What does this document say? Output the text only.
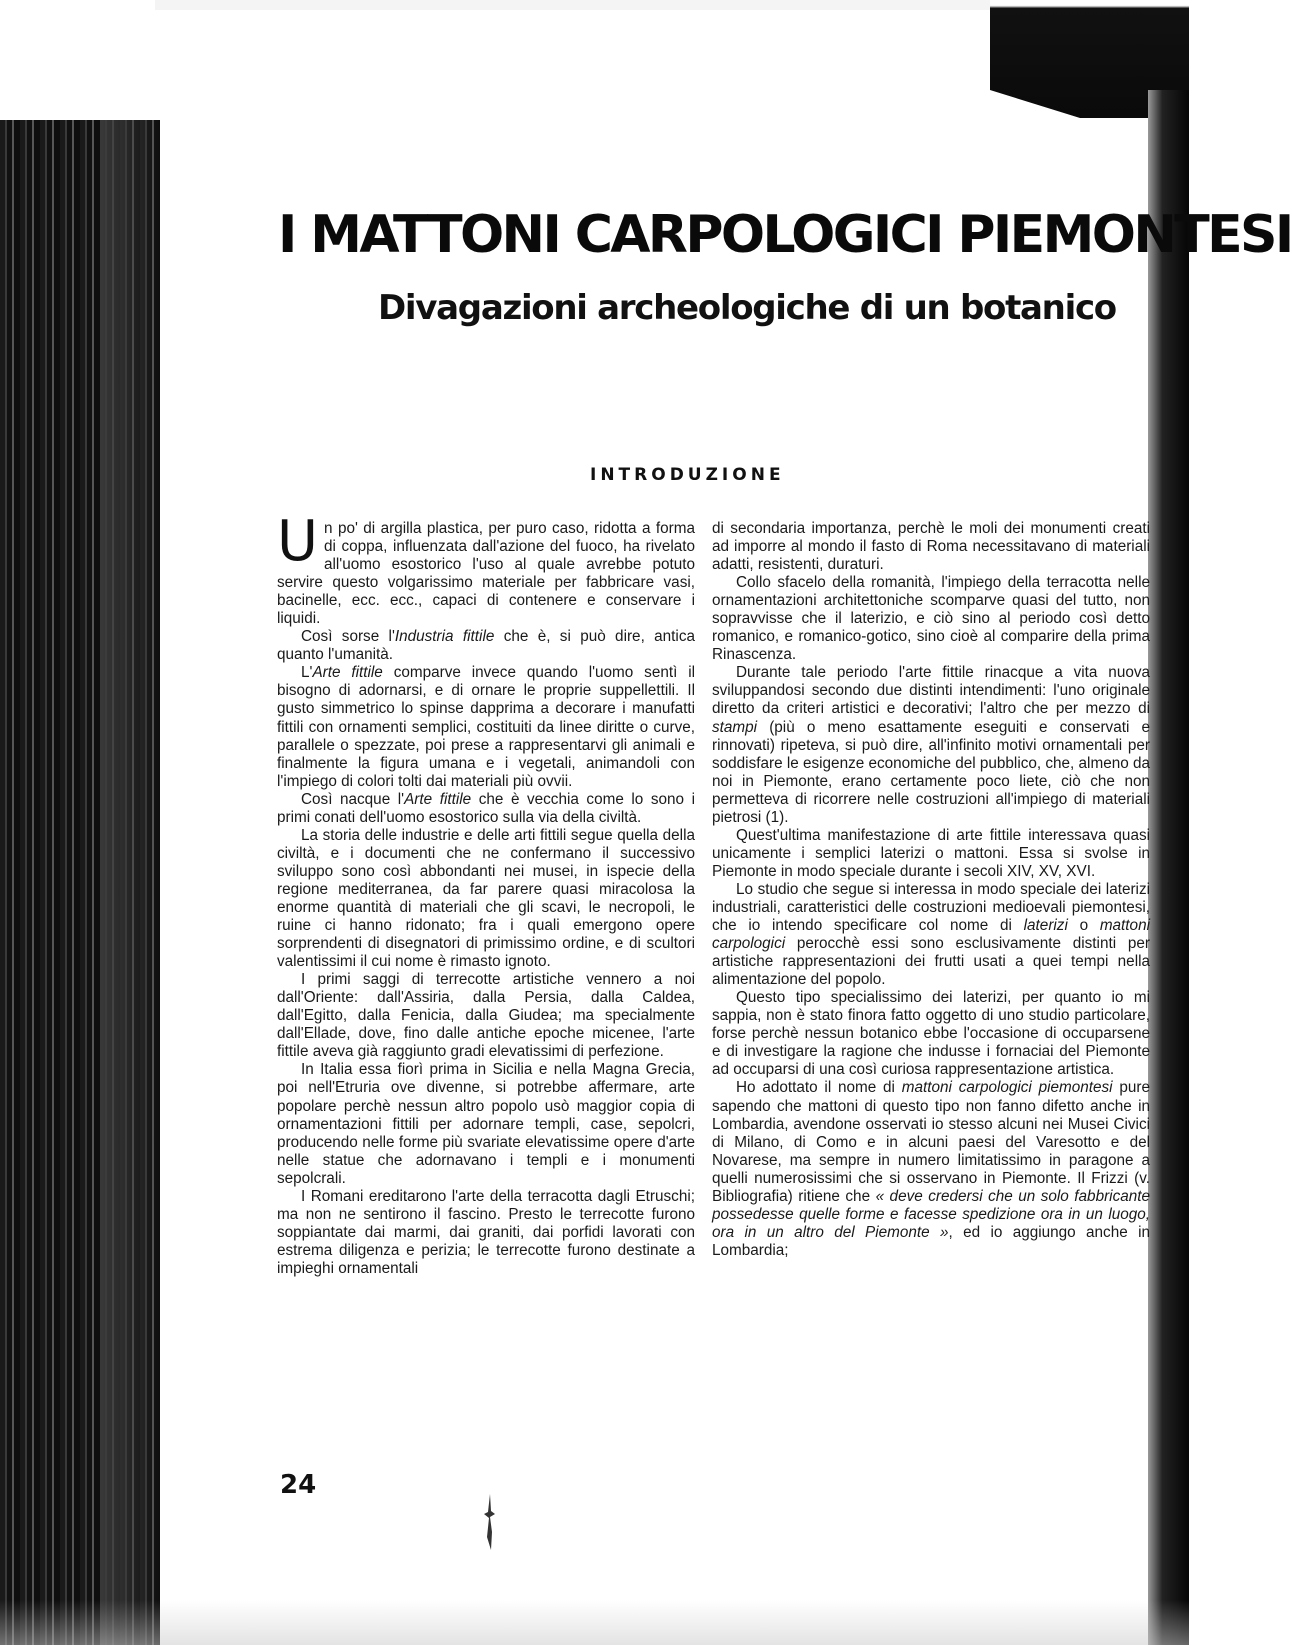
I MATTONI CARPOLOGICI PIEMONTESI
Divagazioni archeologiche di un botanico
INTRODUZIONE

Un po' di argilla plastica, per puro caso, ridotta a forma di coppa, influenzata dall'azione del fuoco, ha rivelato all'uomo esostorico l'uso al quale avrebbe potuto servire questo volgarissimo materiale per fabbricare vasi, bacinelle, ecc. ecc., capaci di contenere e conservare i liquidi.

Così sorse l'Industria fittile che è, si può dire, antica quanto l'umanità.

L'Arte fittile comparve invece quando l'uomo sentì il bisogno di adornarsi, e di ornare le proprie suppellettili. Il gusto simmetrico lo spinse dapprima a decorare i manufatti fittili con ornamenti semplici, costituiti da linee diritte o curve, parallele o spezzate, poi prese a rappresentarvi gli animali e finalmente la figura umana e i vegetali, animandoli con l'impiego di colori tolti dai materiali più ovvii.

Così nacque l'Arte fittile che è vecchia come lo sono i primi conati dell'uomo esostorico sulla via della civiltà.

La storia delle industrie e delle arti fittili segue quella della civiltà, e i documenti che ne confermano il successivo sviluppo sono così abbondanti nei musei, in ispecie della regione mediterranea, da far parere quasi miracolosa la enorme quantità di materiali che gli scavi, le necropoli, le ruine ci hanno ridonato; fra i quali emergono opere sorprendenti di disegnatori di primissimo ordine, e di scultori valentissimi il cui nome è rimasto ignoto.

I primi saggi di terrecotte artistiche vennero a noi dall'Oriente: dall'Assiria, dalla Persia, dalla Caldea, dall'Egitto, dalla Fenicia, dalla Giudea; ma specialmente dall'Ellade, dove, fino dalle antiche epoche micenee, l'arte fittile aveva già raggiunto gradi elevatissimi di perfezione.

In Italia essa fiorì prima in Sicilia e nella Magna Grecia, poi nell'Etruria ove divenne, si potrebbe affermare, arte popolare perchè nessun altro popolo usò maggior copia di ornamentazioni fittili per adornare templi, case, sepolcri, producendo nelle forme più svariate elevatissime opere d'arte nelle statue che adornavano i templi e i monumenti sepolcrali.

I Romani ereditarono l'arte della terracotta dagli Etruschi; ma non ne sentirono il fascino. Presto le terrecotte furono soppiantate dai marmi, dai graniti, dai porfidi lavorati con estrema diligenza e perizia; le terrecotte furono destinate a impieghi ornamentali

di secondaria importanza, perchè le moli dei monumenti creati ad imporre al mondo il fasto di Roma necessitavano di materiali adatti, resistenti, duraturi.

Collo sfacelo della romanità, l'impiego della terracotta nelle ornamentazioni architettoniche scomparve quasi del tutto, non sopravvisse che il laterizio, e ciò sino al periodo così detto romanico, e romanico-gotico, sino cioè al comparire della prima Rinascenza.

Durante tale periodo l'arte fittile rinacque a vita nuova sviluppandosi secondo due distinti intendimenti: l'uno originale diretto da criteri artistici e decorativi; l'altro che per mezzo di stampi (più o meno esattamente eseguiti e conservati e rinnovati) ripeteva, si può dire, all'infinito motivi ornamentali per soddisfare le esigenze economiche del pubblico, che, almeno da noi in Piemonte, erano certamente poco liete, ciò che non permetteva di ricorrere nelle costruzioni all'impiego di materiali pietrosi (1).

Quest'ultima manifestazione di arte fittile interessava quasi unicamente i semplici laterizi o mattoni. Essa si svolse in Piemonte in modo speciale durante i secoli XIV, XV, XVI.

Lo studio che segue si interessa in modo speciale dei laterizi industriali, caratteristici delle costruzioni medioevali piemontesi, che io intendo specificare col nome di laterizi o mattoni carpologici perocchè essi sono esclusivamente distinti per artistiche rappresentazioni dei frutti usati a quei tempi nella alimentazione del popolo.

Questo tipo specialissimo dei laterizi, per quanto io mi sappia, non è stato finora fatto oggetto di uno studio particolare, forse perchè nessun botanico ebbe l'occasione di occuparsene e di investigare la ragione che indusse i fornaciai del Piemonte ad occuparsi di una così curiosa rappresentazione artistica.

Ho adottato il nome di mattoni carpologici piemontesi pure sapendo che mattoni di questo tipo non fanno difetto anche in Lombardia, avendone osservati io stesso alcuni nei Musei Civici di Milano, di Como e in alcuni paesi del Varesotto e del Novarese, ma sempre in numero limitatissimo in paragone a quelli numerosissimi che si osservano in Piemonte. Il Frizzi (v. Bibliografia) ritiene che « deve credersi che un solo fabbricante possedesse quelle forme e facesse spedizione ora in un luogo, ora in un altro del Piemonte », ed io aggiungo anche in Lombardia;

24
